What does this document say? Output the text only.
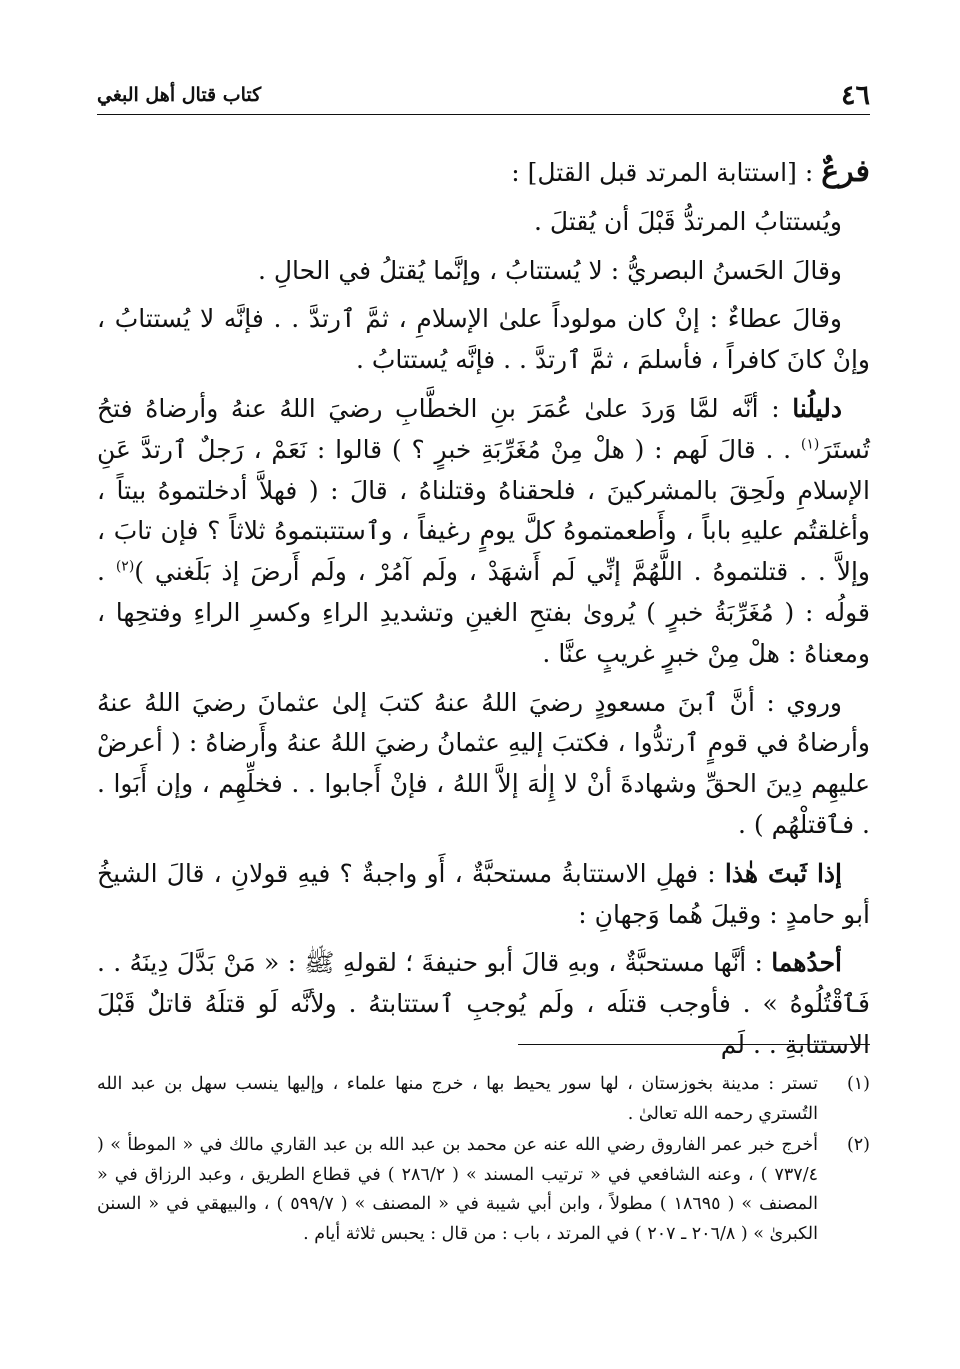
٤٦
كتاب قتال أهل البغي

فرعٌ : [استتابة المرتد قبل القتل] :

ويُستتابُ المرتدُّ قَبْلَ أن يُقتلَ .

وقالَ الحَسنُ البصريُّ : لا يُستتابُ ، وإنَّما يُقتلُ في الحالِ .

وقالَ عطاءٌ : إنْ كان مولوداً علىٰ الإسلامِ ، ثمَّ ٱرتدَّ . . فإنَّه لا يُستتابُ ، وإنْ كانَ كافراً ، فأسلمَ ، ثمَّ ٱرتدَّ . . فإنَّه يُستتابُ .

دليلُنا : أنَّه لمَّا وَردَ علىٰ عُمَرَ بنِ الخطَّابِ رضيَ اللهُ عنهُ وأرضاهُ فتحُ تُستَرَ$^{(١)}$ . . قالَ لَهم : ( هلْ مِنْ مُغَرِّبَةِ خبرٍ ؟ ) قالوا : نَعَمْ ، رَجلٌ ٱرتدَّ عَنِ الإسلامِ ولَحِقَ بالمشركينَ ، فلحقناهُ وقتلناهُ ، قالَ : ( فهلاَّ أدخلتموهُ بيتاً ، وأغلقتُم عليهِ باباً ، وأَطعمتموهُ كلَّ يومٍ رغيفاً ، وٱستتبتموهُ ثلاثاً ؟ فإن تابَ ، وإلاَّ . . قتلتموهُ . اللَّهُمَّ إنِّي لَم أَشهَدْ ، ولَم آمُرْ ، ولَم أَرضَ إذ بَلَغني )$^{(٢)}$ . قولُه : ( مُغَرِّبَةُ خبرٍ ) يُروىٰ بفتحِ الغينِ وتشديدِ الراءِ وكسرِ الراءِ وفتحِها ، ومعناهُ : هلْ مِنْ خبرٍ غريبٍ عنَّا .

وروي : أنَّ ٱبنَ مسعودٍ رضيَ اللهُ عنهُ كتبَ إلىٰ عثمانَ رضيَ اللهُ عنهُ وأرضاهُ في قومٍ ٱرتدُّوا ، فكتبَ إليهِ عثمانُ رضيَ اللهُ عنهُ وأَرضاهُ : ( أعرضْ عليهِم دِينَ الحقِّ وشهادةَ أنْ لا إِلٰهَ إلاَّ اللهُ ، فإنْ أَجابوا . . فخلِّهِم ، وإن أَبَوا . . فٱقتلْهُم ) .

إذا ثَبتَ هٰذا : فهلِ الاستتابةُ مستحبَّةٌ ، أَو واجبةٌ ؟ فيهِ قولانِ ، قالَ الشيخُ أبو حامدٍ : وقيلَ هُما وَجهانِ :

أحدُهما : أنَّها مستحبَّةٌ ، وبهِ قالَ أبو حنيفةَ ؛ لقولهِ ﷺ : « مَنْ بَدَّلَ دِينَهُ . . فَٱقْتُلُوهُ » . فأوجب قتلَه ، ولَم يُوجبِ ٱستتابتهُ . ولأنَّه لَو قتلَهُ قاتلٌ قَبْلَ الاستتابةِ . . لَم

(١)
تستر : مدينة بخوزستان ، لها سور يحيط بها ، خرج منها علماء ، وإليها ينسب سهل بن عبد الله التُستري رحمه الله تعالىٰ .
(٢)
أخرج خبر عمر الفاروق رضي الله عنه عن محمد بن عبد الله بن عبد القاري مالك في « الموطأ » ( ٧٣٧/٤ ) ، وعنه الشافعي في « ترتيب المسند » ( ٢٨٦/٢ ) في قطاع الطريق ، وعبد الرزاق في « المصنف » ( ١٨٦٩٥ ) مطولاً ، وابن أبي شيبة في « المصنف » ( ٥٩٩/٧ ) ، والبيهقي في « السنن الكبرىٰ » ( ٢٠٦/٨ ـ ٢٠٧ ) في المرتد ، باب : من قال : يحبس ثلاثة أيام .
